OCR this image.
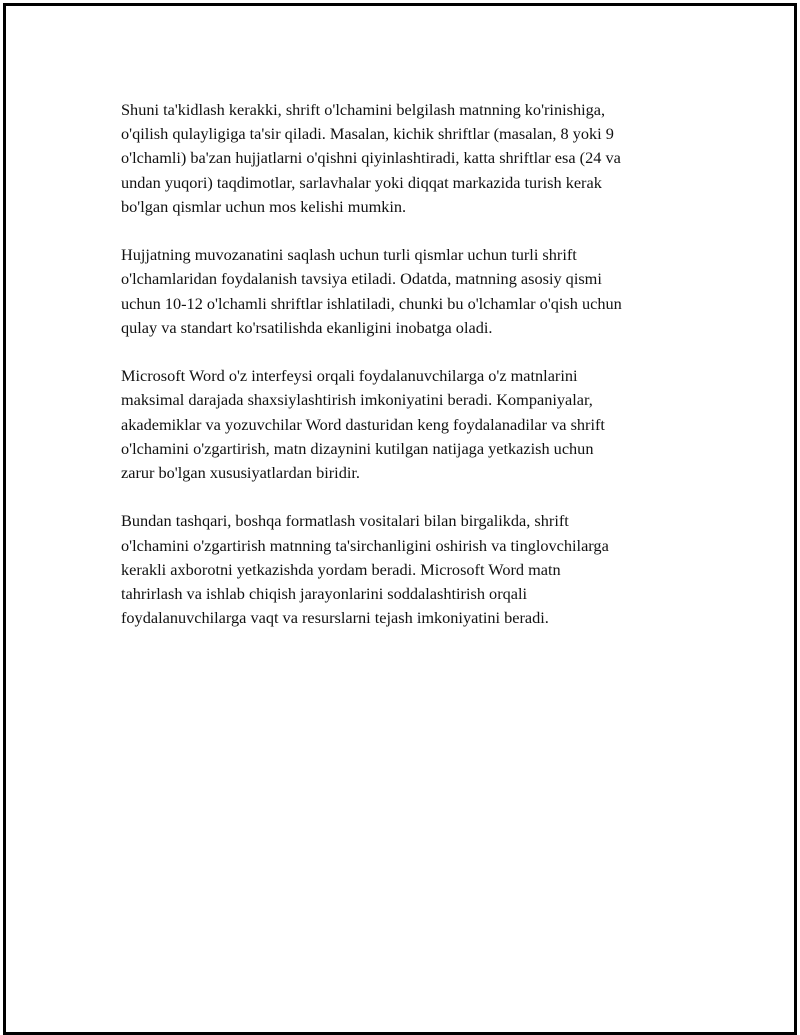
Shuni ta'kidlash kerakki, shrift o'lchamini belgilash matnning ko'rinishiga,
o'qilish qulayligiga ta'sir qiladi. Masalan, kichik shriftlar (masalan, 8 yoki 9
o'lchamli) ba'zan hujjatlarni o'qishni qiyinlashtiradi, katta shriftlar esa (24 va
undan yuqori) taqdimotlar, sarlavhalar yoki diqqat markazida turish kerak
bo'lgan qismlar uchun mos kelishi mumkin.

Hujjatning muvozanatini saqlash uchun turli qismlar uchun turli shrift
o'lchamlaridan foydalanish tavsiya etiladi. Odatda, matnning asosiy qismi
uchun 10-12 o'lchamli shriftlar ishlatiladi, chunki bu o'lchamlar o'qish uchun
qulay va standart ko'rsatilishda ekanligini inobatga oladi.

Microsoft Word o'z interfeysi orqali foydalanuvchilarga o'z matnlarini
maksimal darajada shaxsiylashtirish imkoniyatini beradi. Kompaniyalar,
akademiklar va yozuvchilar Word dasturidan keng foydalanadilar va shrift
o'lchamini o'zgartirish, matn dizaynini kutilgan natijaga yetkazish uchun
zarur bo'lgan xususiyatlardan biridir.

Bundan tashqari, boshqa formatlash vositalari bilan birgalikda, shrift
o'lchamini o'zgartirish matnning ta'sirchanligini oshirish va tinglovchilarga
kerakli axborotni yetkazishda yordam beradi. Microsoft Word matn
tahrirlash va ishlab chiqish jarayonlarini soddalashtirish orqali
foydalanuvchilarga vaqt va resurslarni tejash imkoniyatini beradi.
